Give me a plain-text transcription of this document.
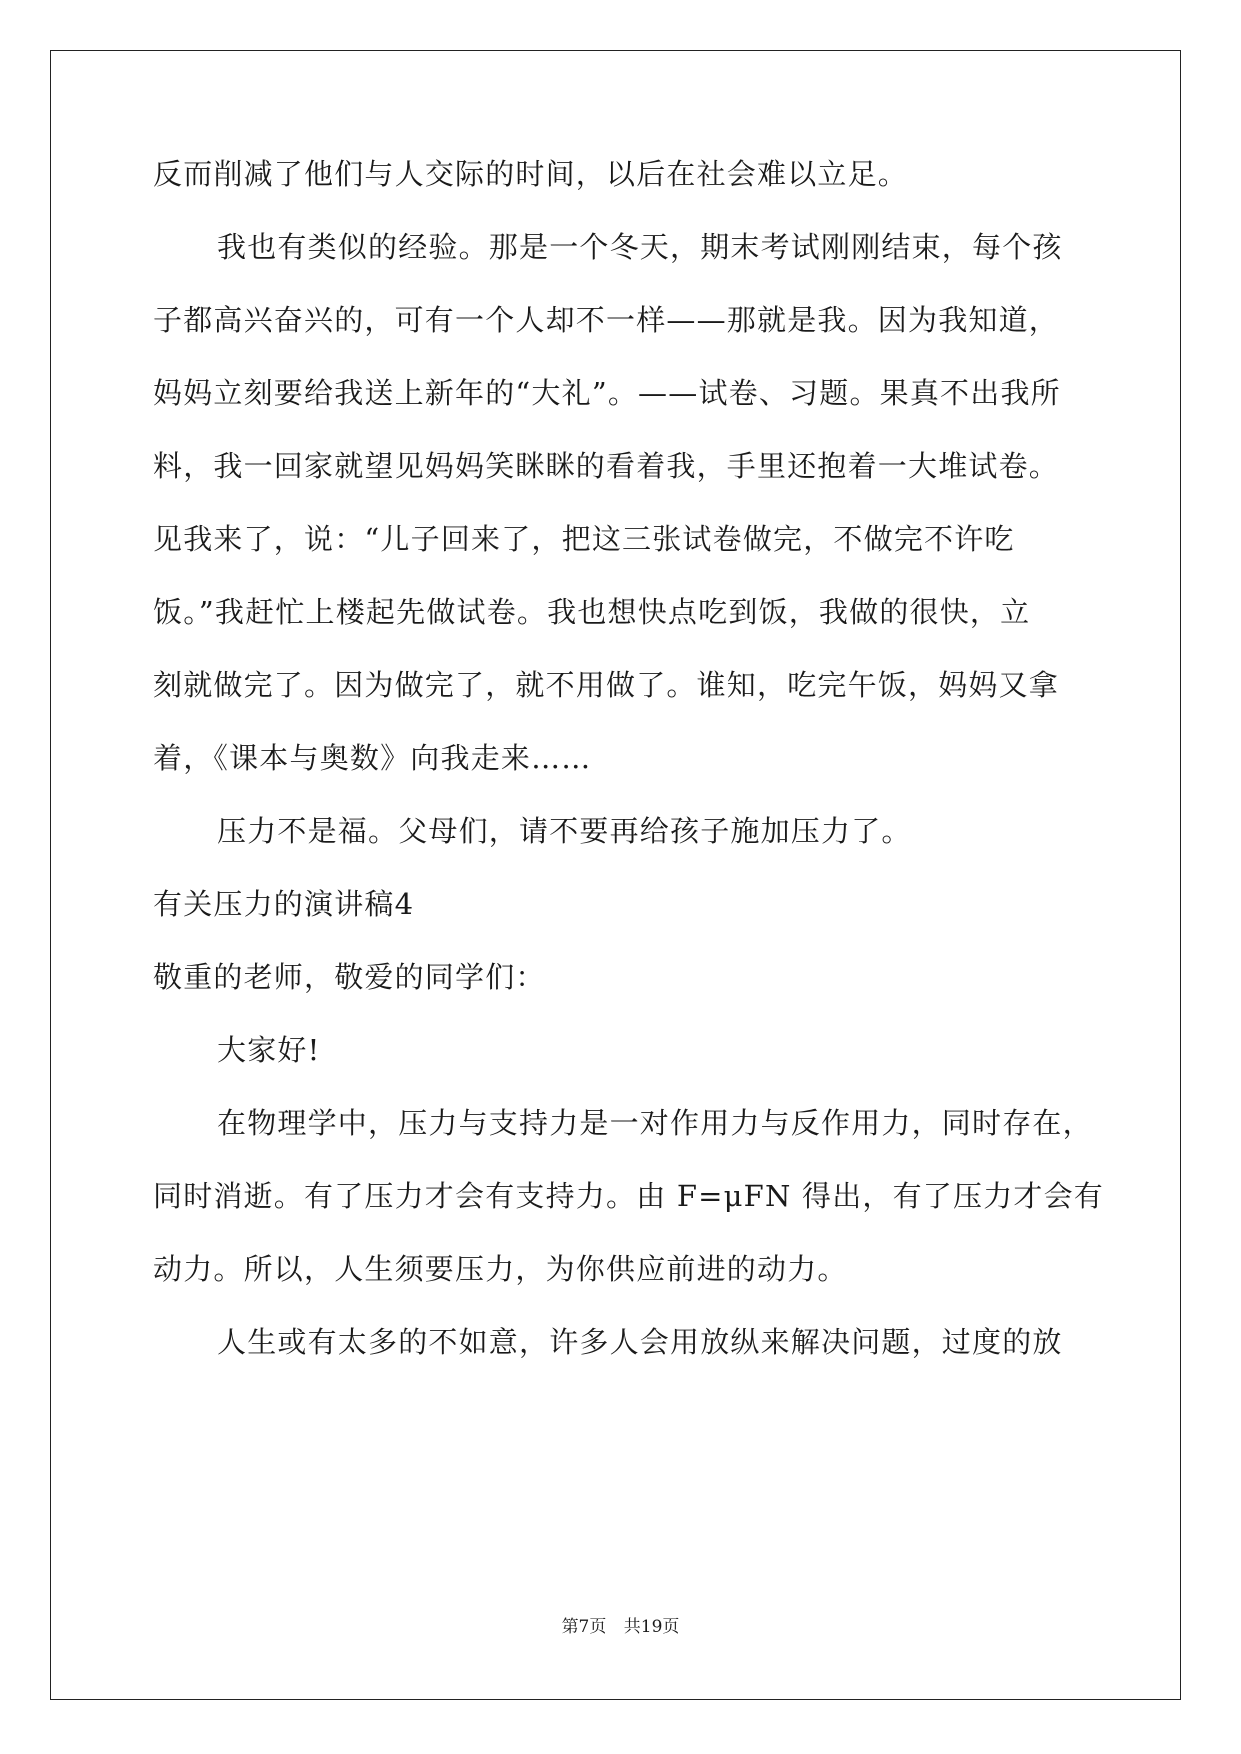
反而削减了他们与人交际的时间，以后在社会难以立足。
我也有类似的经验。那是一个冬天，期末考试刚刚结束，每个孩
子都高兴奋兴的，可有一个人却不一样——那就是我。因为我知道，
妈妈立刻要给我送上新年的“大礼”。——试卷、习题。果真不出我所
料，我一回家就望见妈妈笑眯眯的看着我，手里还抱着一大堆试卷。
见我来了，说：“儿子回来了，把这三张试卷做完，不做完不许吃
饭。”我赶忙上楼起先做试卷。我也想快点吃到饭，我做的很快，立
刻就做完了。因为做完了，就不用做了。谁知，吃完午饭，妈妈又拿
着，《课本与奥数》向我走来……
压力不是福。父母们，请不要再给孩子施加压力了。
有关压力的演讲稿4
敬重的老师，敬爱的同学们：
大家好!
在物理学中，压力与支持力是一对作用力与反作用力，同时存在，
同时消逝。有了压力才会有支持力。由 F=μFN 得出，有了压力才会有
动力。所以，人生须要压力，为你供应前进的动力。
人生或有太多的不如意，许多人会用放纵来解决问题，过度的放
第7页 共19页
